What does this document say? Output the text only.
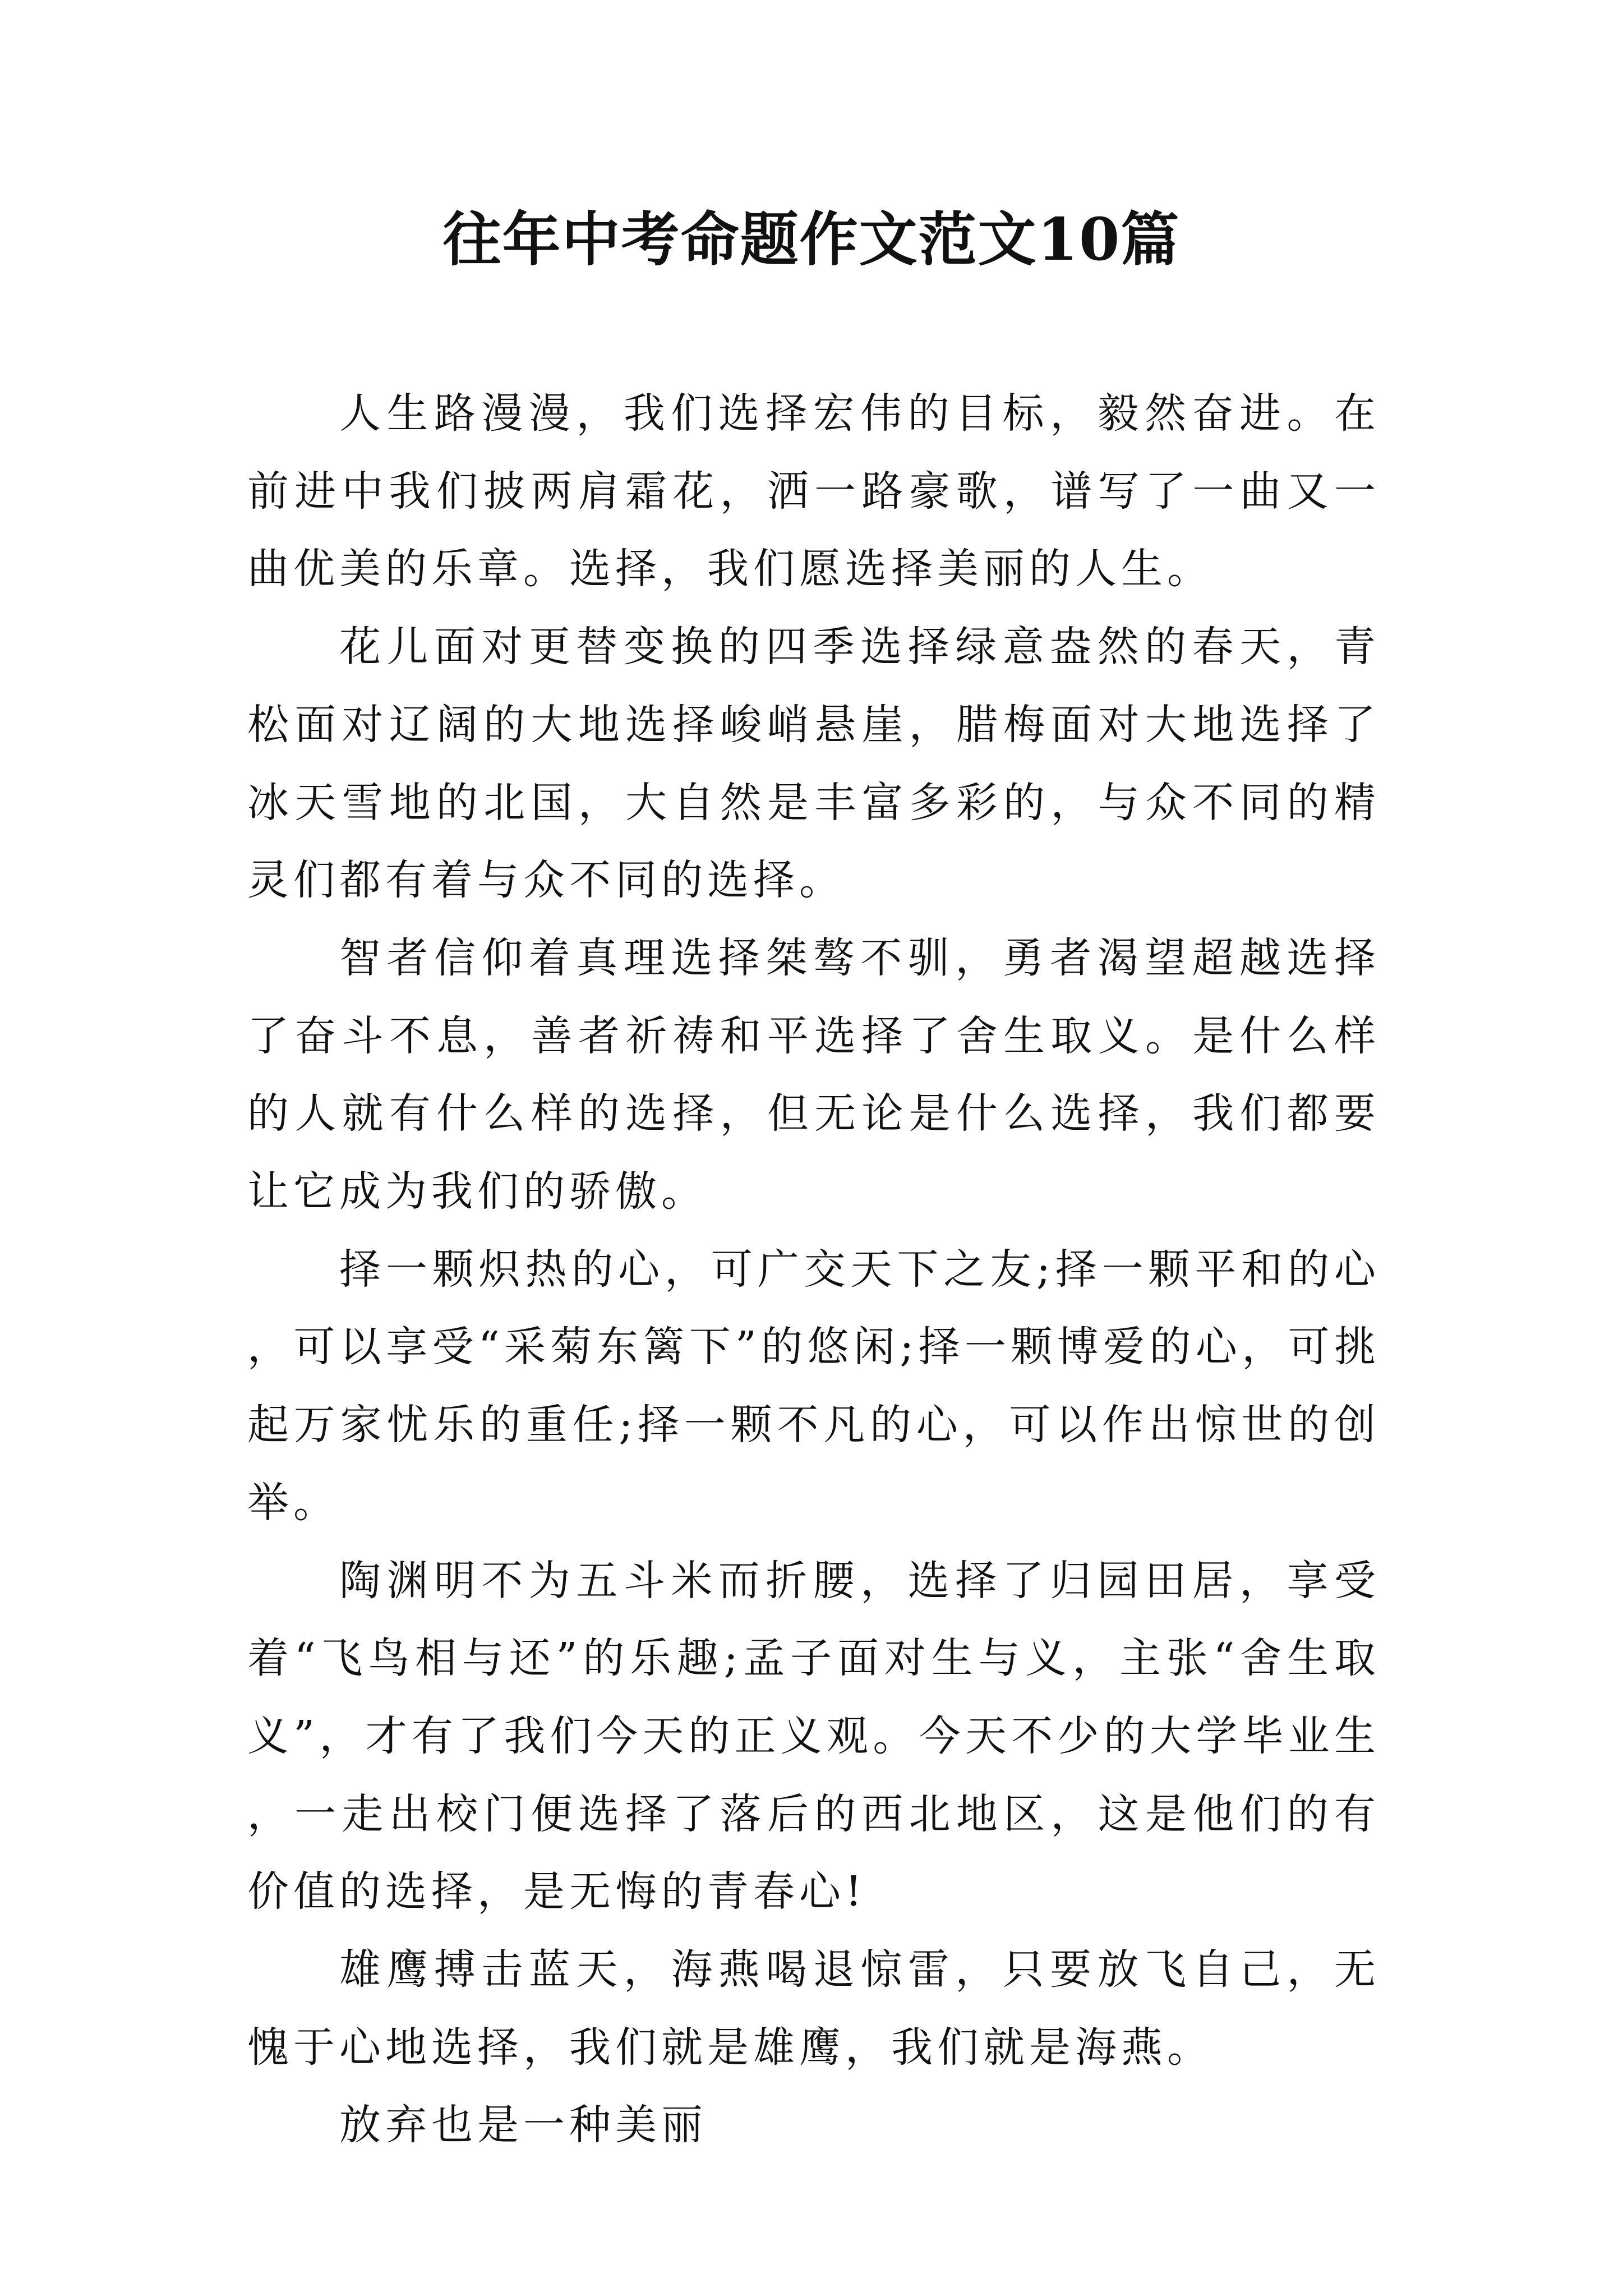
往年中考命题作文范文10篇

人生路漫漫，我们选择宏伟的目标，毅然奋进。在前进中我们披两肩霜花，洒一路豪歌，谱写了一曲又一曲优美的乐章。选择，我们愿选择美丽的人生。

花儿面对更替变换的四季选择绿意盎然的春天，青松面对辽阔的大地选择峻峭悬崖，腊梅面对大地选择了冰天雪地的北国，大自然是丰富多彩的，与众不同的精灵们都有着与众不同的选择。

智者信仰着真理选择桀骜不驯，勇者渴望超越选择了奋斗不息，善者祈祷和平选择了舍生取义。是什么样的人就有什么样的选择，但无论是什么选择，我们都要让它成为我们的骄傲。

择一颗炽热的心，可广交天下之友;择一颗平和的心，可以享受“采菊东篱下”的悠闲;择一颗博爱的心，可挑起万家忧乐的重任;择一颗不凡的心，可以作出惊世的创举。

陶渊明不为五斗米而折腰，选择了归园田居，享受着“飞鸟相与还”的乐趣;孟子面对生与义，主张“舍生取义”，才有了我们今天的正义观。今天不少的大学毕业生，一走出校门便选择了落后的西北地区，这是他们的有价值的选择，是无悔的青春心!

雄鹰搏击蓝天，海燕喝退惊雷，只要放飞自己，无愧于心地选择，我们就是雄鹰，我们就是海燕。

放弃也是一种美丽
